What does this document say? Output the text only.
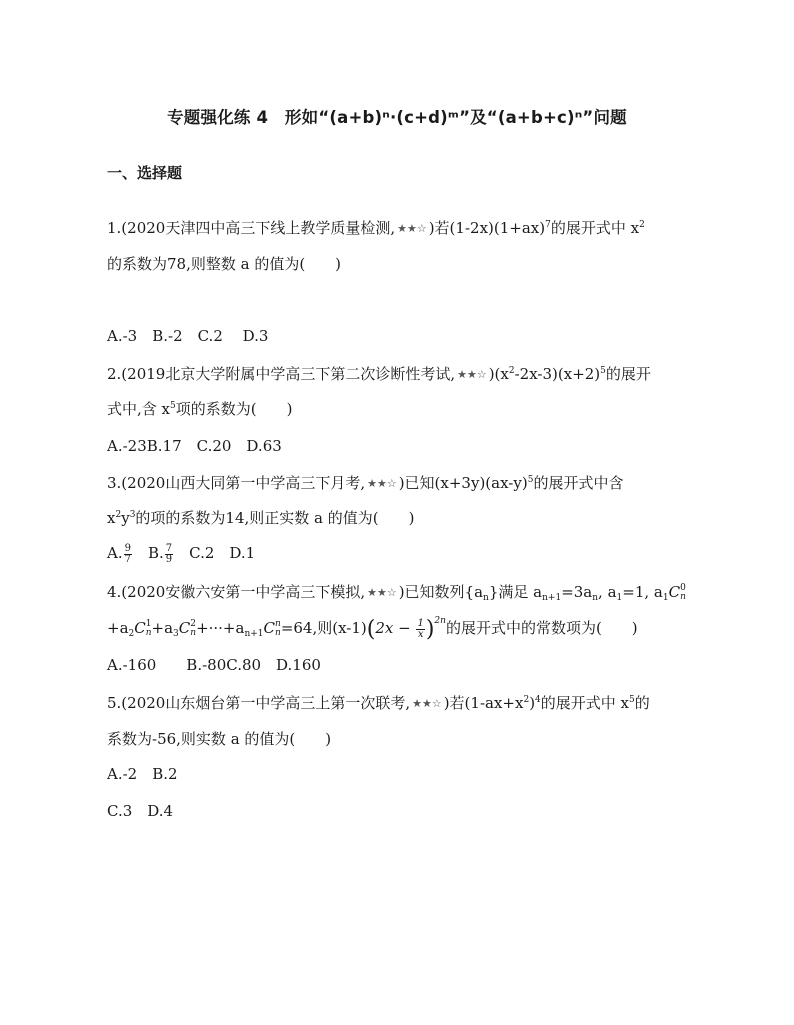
专题强化练 4　形如“(a+b)ⁿ·(c+d)ᵐ”及“(a+b+c)ⁿ”问题
一、选择题
1.(2020天津四中高三下线上教学质量检测, ★★☆ )若$(1-2x)(1+ax)^7$的展开式中 $x^2$
的系数为78,则整数 a 的值为(　　)
A.-3　B.-2　C.2　 D.3
2.(2019北京大学附属中学高三下第二次诊断性考试, ★★☆ )$(x^2-2x-3)(x+2)^5$的展开
式中,含 $x^5$项的系数为(　　)
A.-23B.17　C.20　D.63
3.(2020山西大同第一中学高三下月考, ★★☆ )已知$(x+3y)(ax-y)^5$的展开式中含
$x^2y^3$的项的系数为14,则正实数 a 的值为(　　)
A. $\frac{9}{7}$ 　B. $\frac{7}{9}$ 　C.2　D.1
4.(2020安徽六安第一中学高三下模拟, ★★☆ )已知数列$\{a_n\}$满足 $a_{n+1}=3a_n$, $a_1=1$, $a_1C$ 0
n
$+a_2C$ 1
$n +a_3C$ 2
$n +\cdot\cdot\cdot+a_{n+1}C$ n
n =64,则$(x-1)(2x - \frac{1}{x} )^{2n}$的展开式中的常数项为(　　)
A.-160　　B.-80C.80　D.160
5.(2020山东烟台第一中学高三上第一次联考, ★★☆ )若$(1-ax+x^2)^4$的展开式中 $x^5$的
系数为-56,则实数 a 的值为(　　)
A.-2　B.2
C.3　D.4
